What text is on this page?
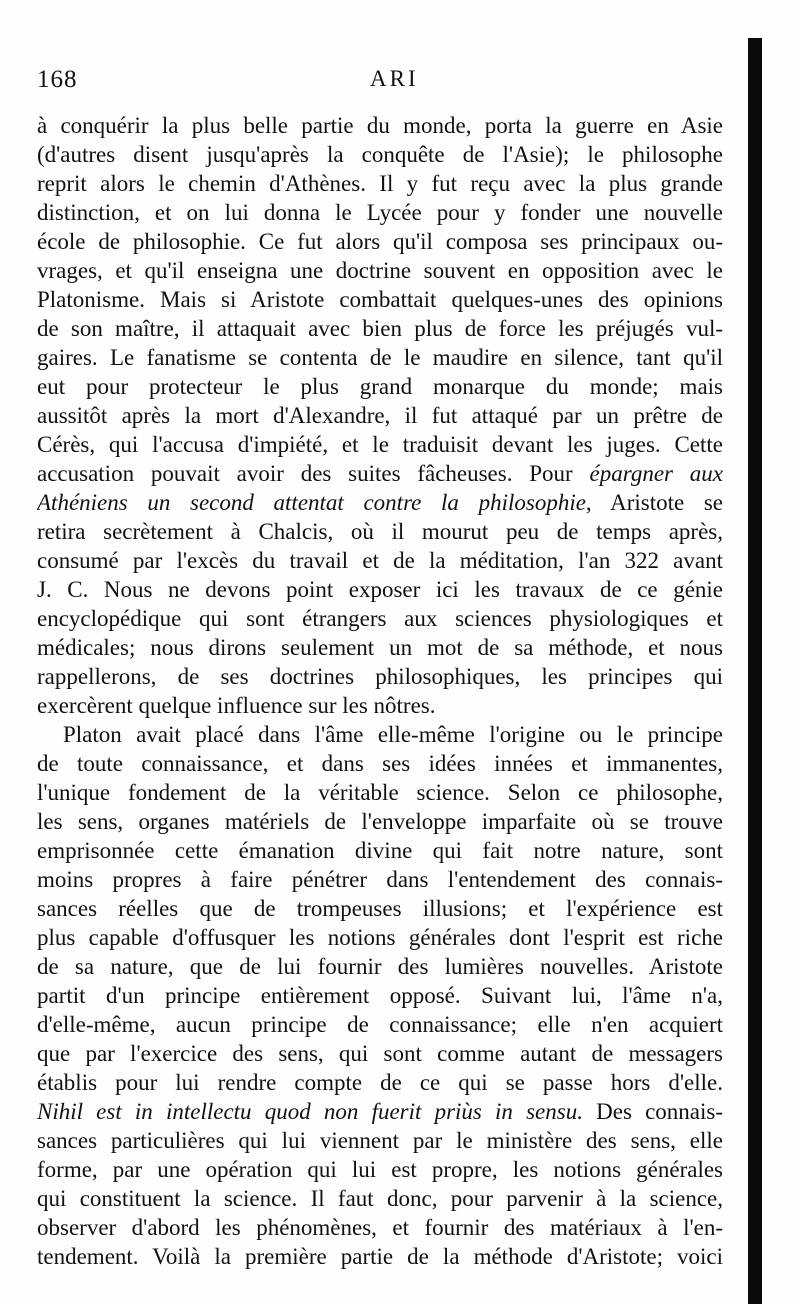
168	ARI
à conquérir la plus belle partie du monde, porta la guerre en Asie
(d'autres disent jusqu'après la conquête de l'Asie); le philosophe
reprit alors le chemin d'Athènes. Il y fut reçu avec la plus grande
distinction, et on lui donna le Lycée pour y fonder une nouvelle
école de philosophie. Ce fut alors qu'il composa ses principaux ou-
vrages, et qu'il enseigna une doctrine souvent en opposition avec le
Platonisme. Mais si Aristote combattait quelques-unes des opinions
de son maître, il attaquait avec bien plus de force les préjugés vul-
gaires. Le fanatisme se contenta de le maudire en silence, tant qu'il
eut pour protecteur le plus grand monarque du monde; mais
aussitôt après la mort d'Alexandre, il fut attaqué par un prêtre de
Cérès, qui l'accusa d'impiété, et le traduisit devant les juges. Cette
accusation pouvait avoir des suites fâcheuses. Pour épargner aux
Athéniens un second attentat contre la philosophie, Aristote se
retira secrètement à Chalcis, où il mourut peu de temps après,
consumé par l'excès du travail et de la méditation, l'an 322 avant
J. C. Nous ne devons point exposer ici les travaux de ce génie
encyclopédique qui sont étrangers aux sciences physiologiques et
médicales; nous dirons seulement un mot de sa méthode, et nous
rappellerons, de ses doctrines philosophiques, les principes qui
exercèrent quelque influence sur les nôtres.
Platon avait placé dans l'âme elle-même l'origine ou le principe
de toute connaissance, et dans ses idées innées et immanentes,
l'unique fondement de la véritable science. Selon ce philosophe,
les sens, organes matériels de l'enveloppe imparfaite où se trouve
emprisonnée cette émanation divine qui fait notre nature, sont
moins propres à faire pénétrer dans l'entendement des connais-
sances réelles que de trompeuses illusions; et l'expérience est
plus capable d'offusquer les notions générales dont l'esprit est riche
de sa nature, que de lui fournir des lumières nouvelles. Aristote
partit d'un principe entièrement opposé. Suivant lui, l'âme n'a,
d'elle-même, aucun principe de connaissance; elle n'en acquiert
que par l'exercice des sens, qui sont comme autant de messagers
établis pour lui rendre compte de ce qui se passe hors d'elle.
Nihil est in intellectu quod non fuerit priùs in sensu. Des connais-
sances particulières qui lui viennent par le ministère des sens, elle
forme, par une opération qui lui est propre, les notions générales
qui constituent la science. Il faut donc, pour parvenir à la science,
observer d'abord les phénomènes, et fournir des matériaux à l'en-
tendement. Voilà la première partie de la méthode d'Aristote; voici
